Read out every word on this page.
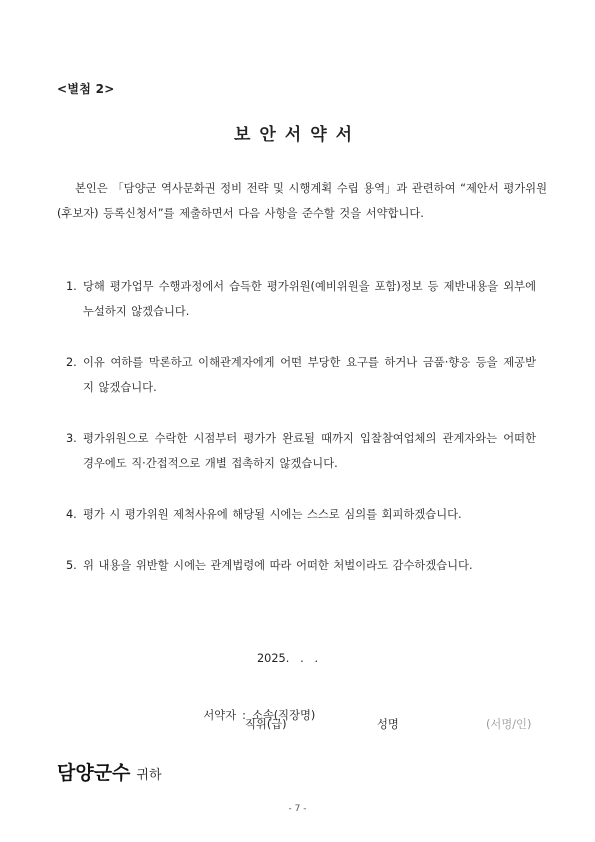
<별첨 2>
보안서약서
본인은 「담양군 역사문화권 정비 전략 및 시행계획 수립 용역」과 관련하여 “제안서 평가위원(후보자) 등록신청서”를 제출하면서 다음 사항을 준수할 것을 서약합니다.
1. 당해 평가업무 수행과정에서 습득한 평가위원(예비위원을 포함)정보 등 제반내용을 외부에 누설하지 않겠습니다.
2. 이유 여하를 막론하고 이해관계자에게 어떤 부당한 요구를 하거나 금품·향응 등을 제공받지 않겠습니다.
3. 평가위원으로 수락한 시점부터 평가가 완료될 때까지 입찰참여업체의 관계자와는 어떠한 경우에도 직·간접적으로 개별 접촉하지 않겠습니다.
4. 평가 시 평가위원 제척사유에 해당될 시에는 스스로 심의를 회피하겠습니다.
5. 위 내용을 위반할 시에는 관계법령에 따라 어떠한 처벌이라도 감수하겠습니다.
2025.   .   .

서약자 : 소속(직장명)

직위(급)	성명	(서명/인)
담양군수 귀하
- 7 -
